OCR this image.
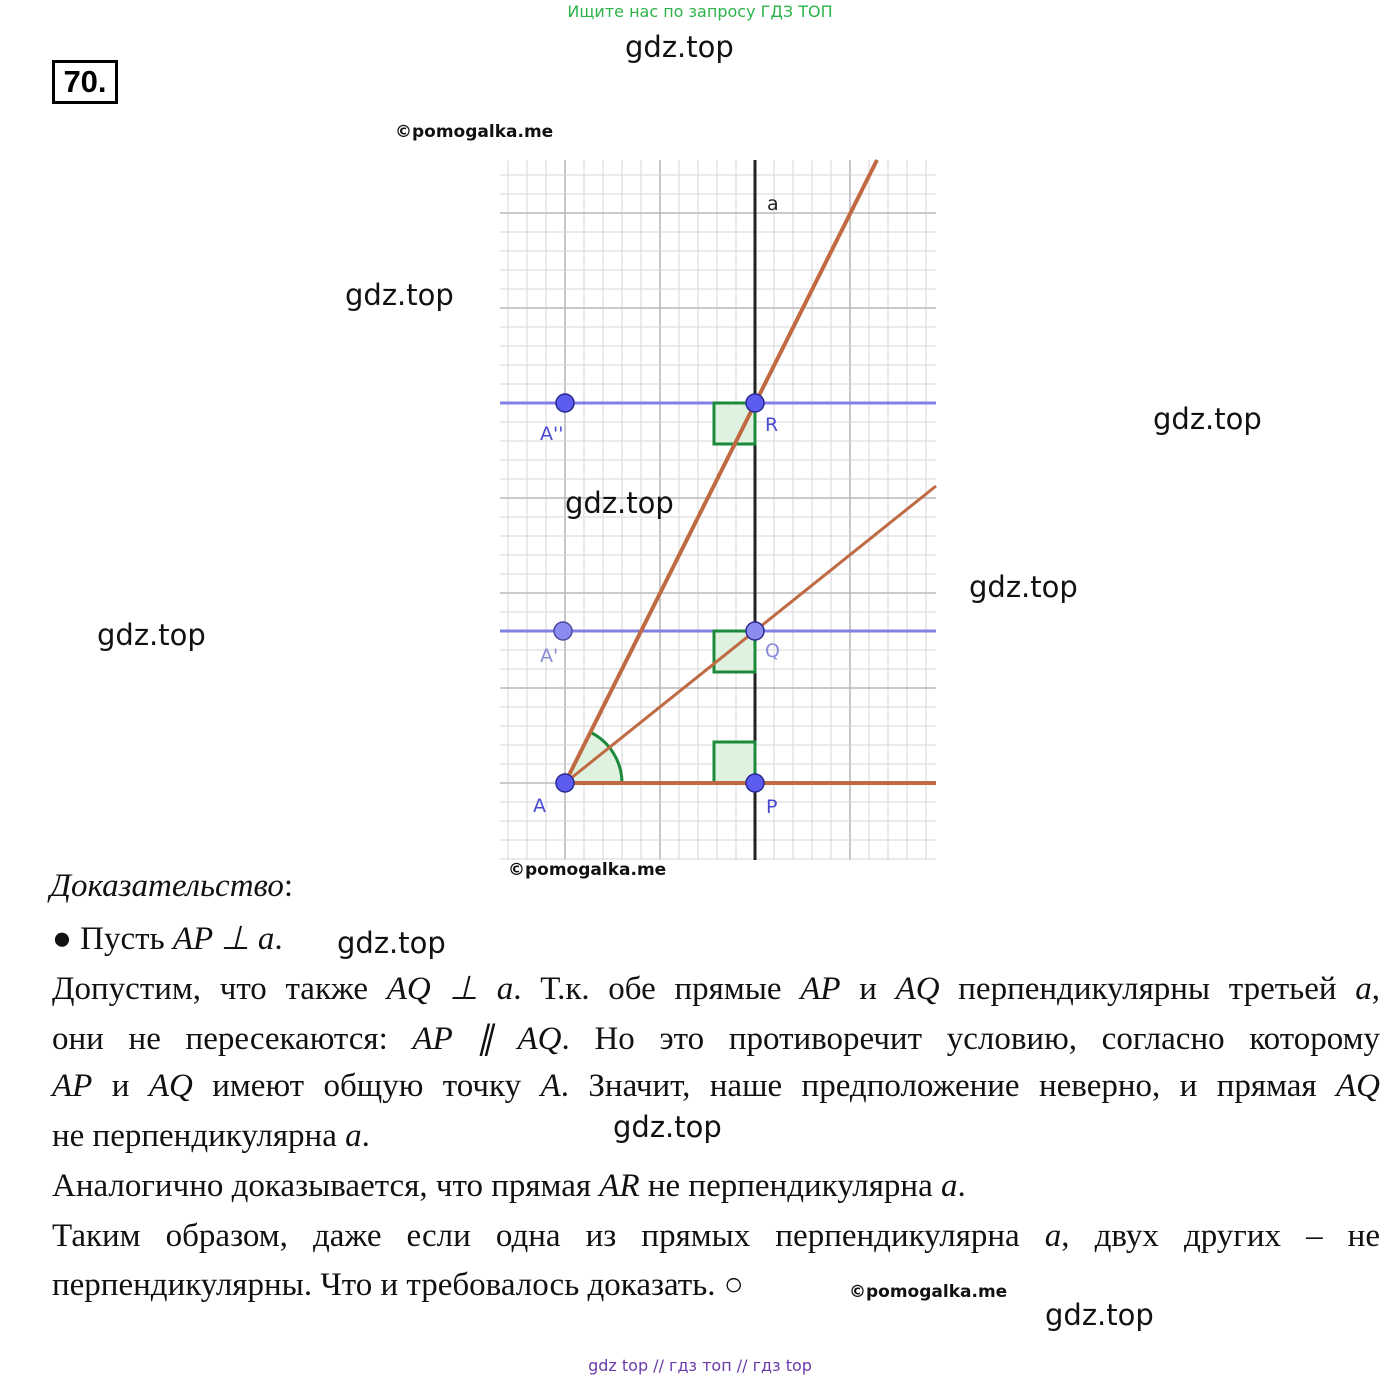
Ищите нас по запросу ГДЗ ТОП
gdz.top
70.
©pomogalka.me
a
A''	R
A'	Q
A	P
gdz.top
gdz.top
gdz.top
gdz.top
gdz.top
©pomogalka.me
Доказательство:
● Пусть AP ⊥ a. gdz.top
Допустим, что также AQ ⊥ a. Т.к. обе прямые AP и AQ перпендикулярны третьей a,
они не пересекаются: AP ∥ AQ. Но это противоречит условию, согласно которому
AP и AQ имеют общую точку A. Значит, наше предположение неверно, и прямая AQ
не перпендикулярна a.	gdz.top
Аналогично доказывается, что прямая AR не перпендикулярна a.
Таким образом, даже если одна из прямых перпендикулярна a, двух других – не
перпендикулярны. Что и требовалось доказать. ○	©pomogalka.me
gdz.top
gdz top // гдз топ // гдз top
